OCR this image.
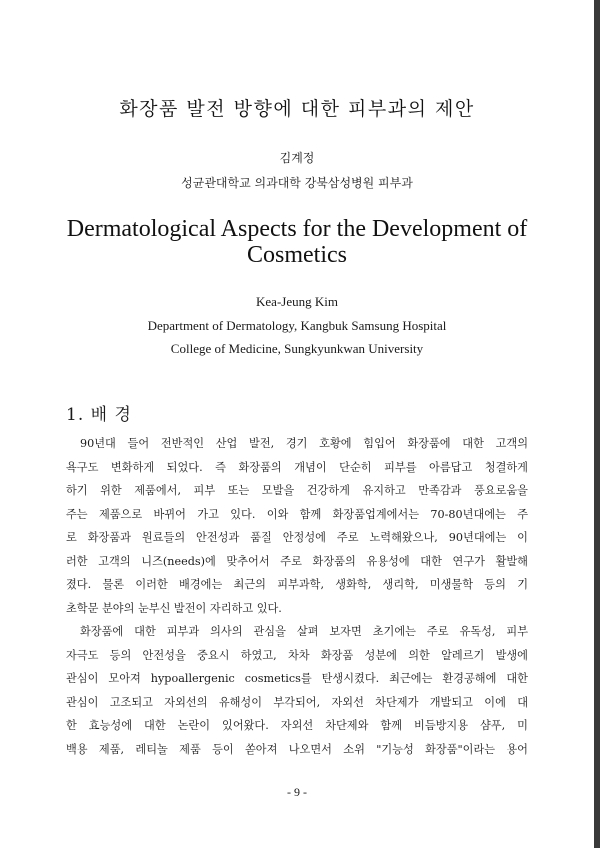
화장품 발전 방향에 대한 피부과의 제안
김계정
성균관대학교 의과대학 강북삼성병원 피부과
Dermatological Aspects for the Development of Cosmetics
Kea-Jeung Kim
Department of Dermatology, Kangbuk Samsung Hospital
College of Medicine, Sungkyunkwan University
1. 배 경
90년대 들어 전반적인 산업 발전, 경기 호황에 힘입어 화장품에 대한 고객의
욕구도 변화하게 되었다. 즉 화장품의 개념이 단순히 피부를 아름답고 청결하게
하기 위한 제품에서, 피부 또는 모발을 건강하게 유지하고 만족감과 풍요로움을
주는 제품으로 바뀌어 가고 있다. 이와 함께 화장품업계에서는 70-80년대에는 주
로 화장품과 원료들의 안전성과 품질 안정성에 주로 노력해왔으나, 90년대에는 이
러한 고객의 니즈(needs)에 맞추어서 주로 화장품의 유용성에 대한 연구가 활발해
졌다. 물론 이러한 배경에는 최근의 피부과학, 생화학, 생리학, 미생물학 등의 기
초학문 분야의 눈부신 발전이 자리하고 있다.
화장품에 대한 피부과 의사의 관심을 살펴 보자면 초기에는 주로 유독성, 피부
자극도 등의 안전성을 중요시 하였고, 차차 화장품 성분에 의한 알레르기 발생에
관심이 모아져 hypoallergenic cosmetics를 탄생시켰다. 최근에는 환경공해에 대한
관심이 고조되고 자외선의 유해성이 부각되어, 자외선 차단제가 개발되고 이에 대
한 효능성에 대한 논란이 있어왔다. 자외선 차단제와 함께 비듬방지용 샴푸, 미
백용 제품, 레티놀 제품 등이 쏟아져 나오면서 소위 "기능성 화장품"이라는 용어
- 9 -
